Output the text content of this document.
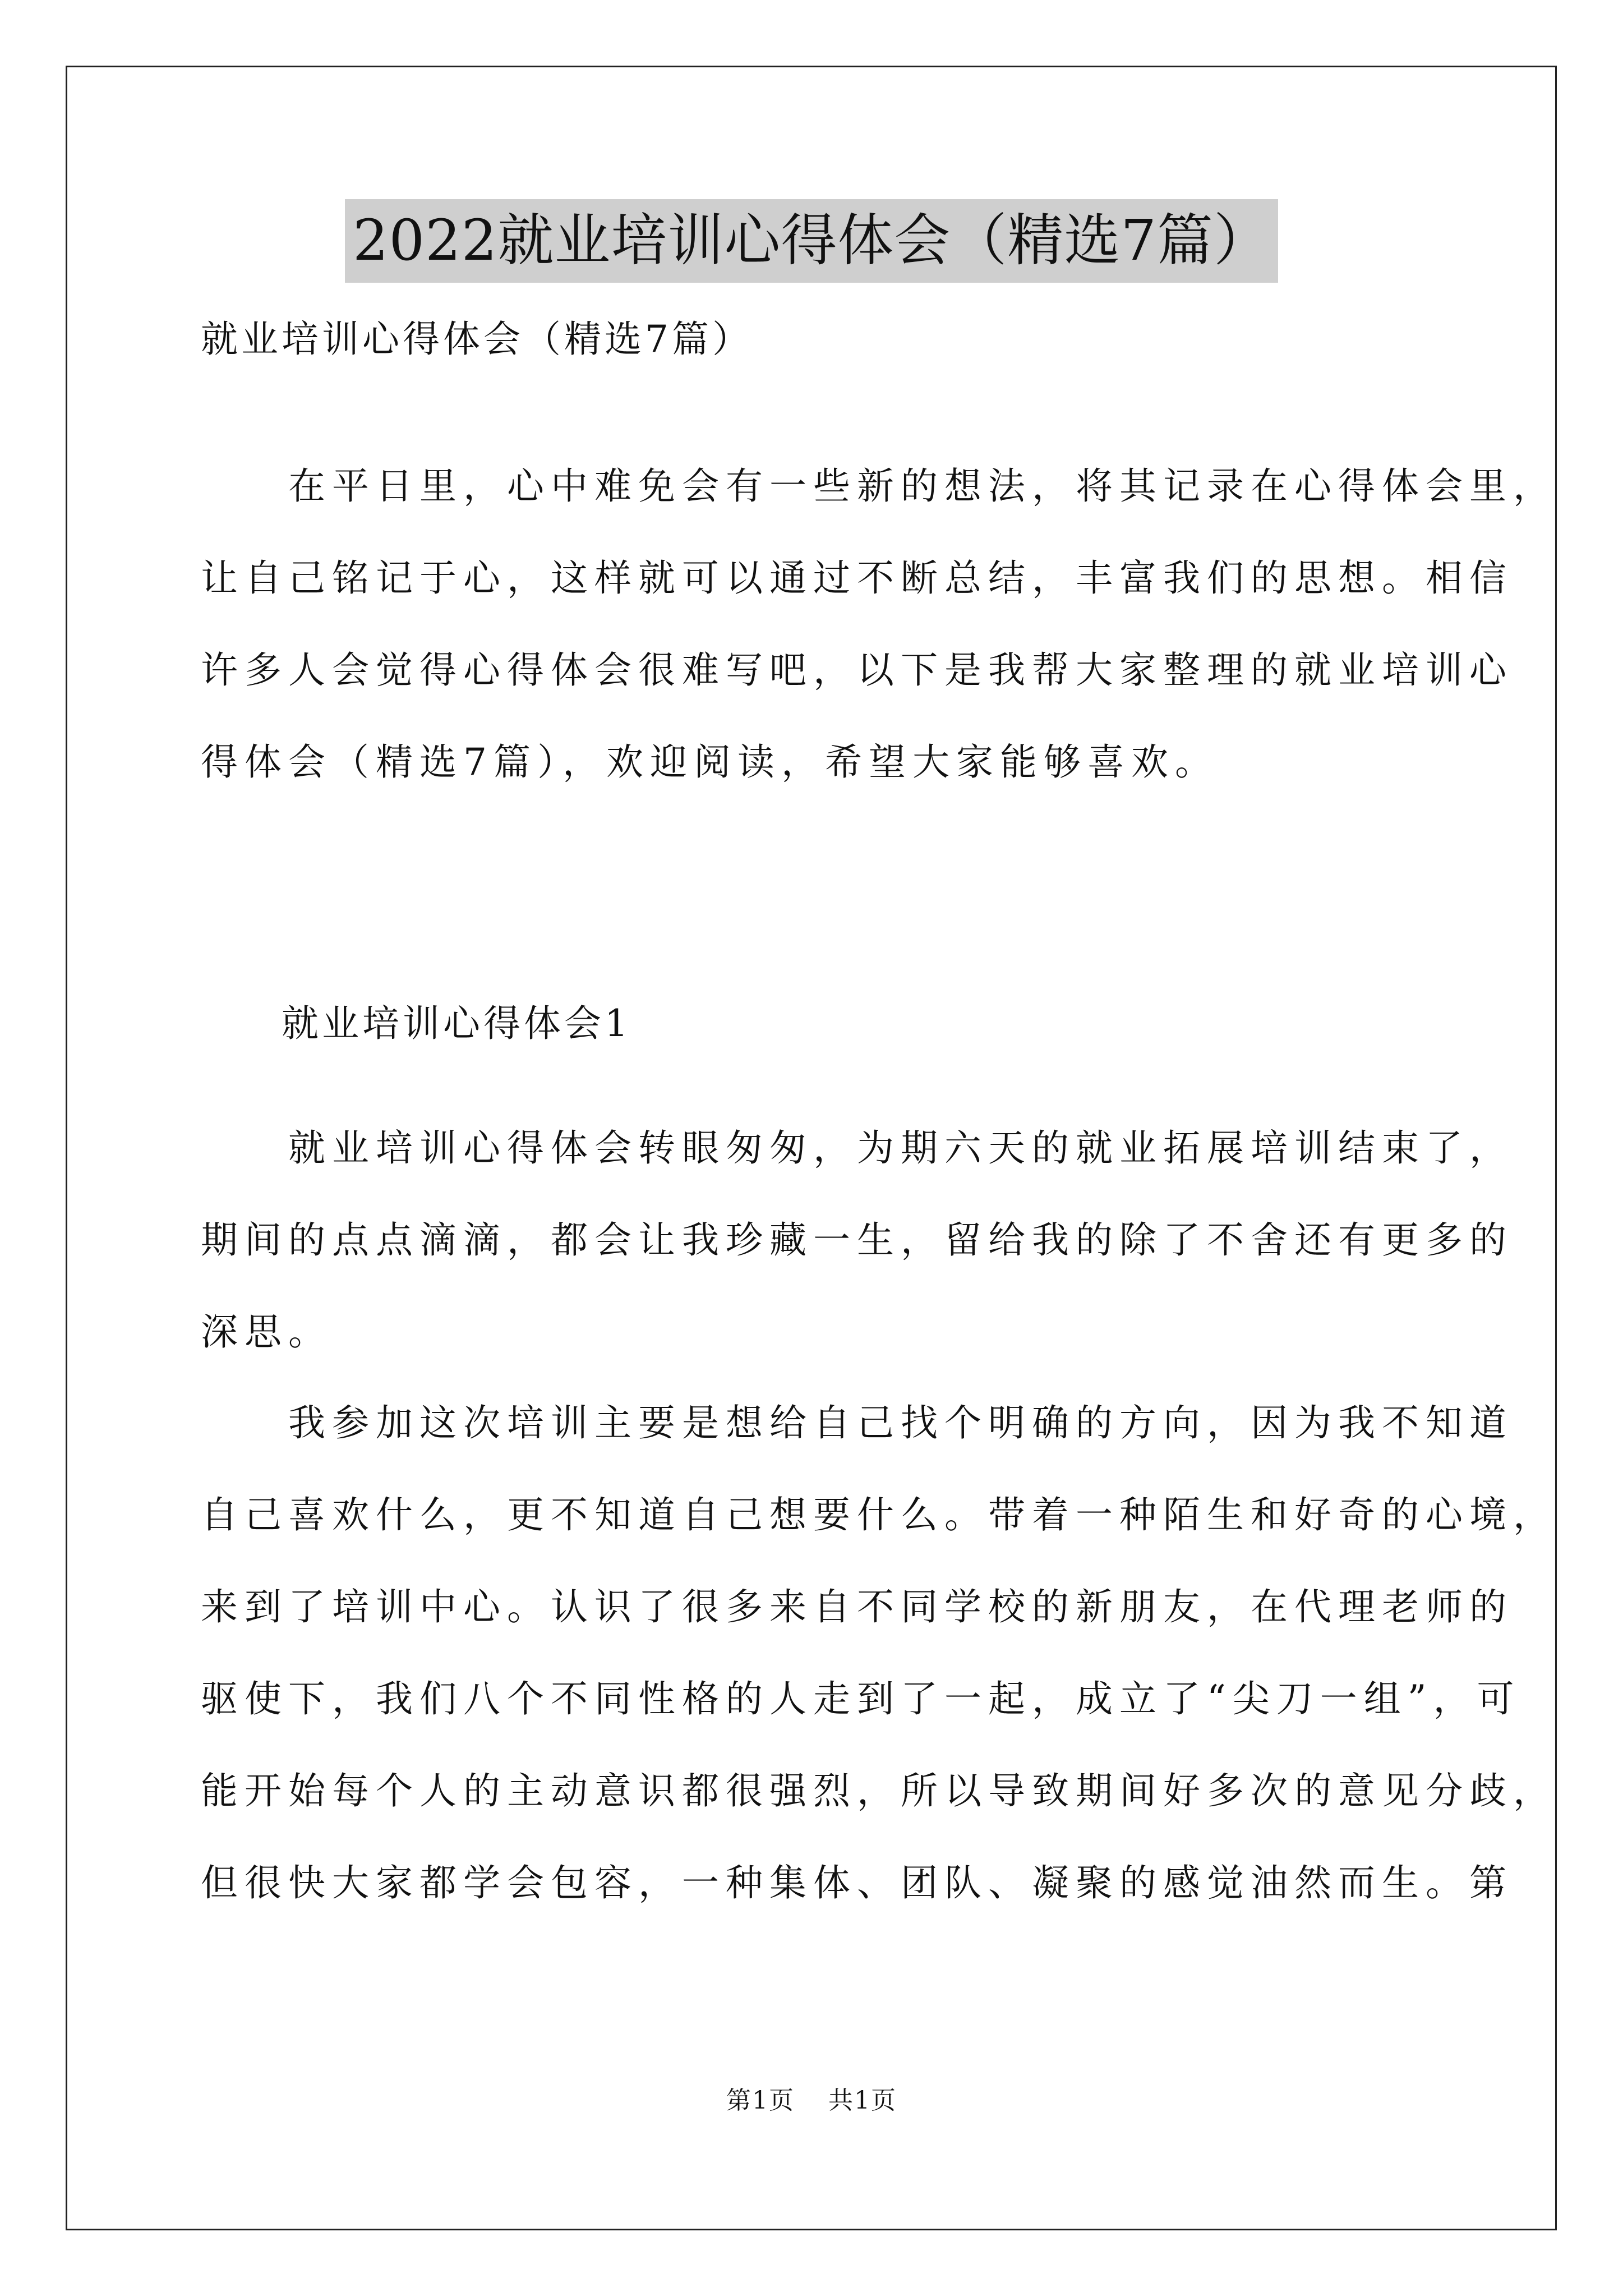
2022就业培训心得体会（精选7篇）
就业培训心得体会（精选7篇）
　　在平日里，心中难免会有一些新的想法，将其记录在心得体会里，
让自己铭记于心，这样就可以通过不断总结，丰富我们的思想。相信
许多人会觉得心得体会很难写吧，以下是我帮大家整理的就业培训心
得体会（精选7篇），欢迎阅读，希望大家能够喜欢。
就业培训心得体会1
　　就业培训心得体会转眼匆匆，为期六天的就业拓展培训结束了，
期间的点点滴滴，都会让我珍藏一生，留给我的除了不舍还有更多的
深思。
　　我参加这次培训主要是想给自己找个明确的方向，因为我不知道
自己喜欢什么，更不知道自己想要什么。带着一种陌生和好奇的心境，
来到了培训中心。认识了很多来自不同学校的新朋友，在代理老师的
驱使下，我们八个不同性格的人走到了一起，成立了“尖刀一组”，可
能开始每个人的主动意识都很强烈，所以导致期间好多次的意见分歧，
但很快大家都学会包容，一种集体、团队、凝聚的感觉油然而生。第
第1页 共1页
